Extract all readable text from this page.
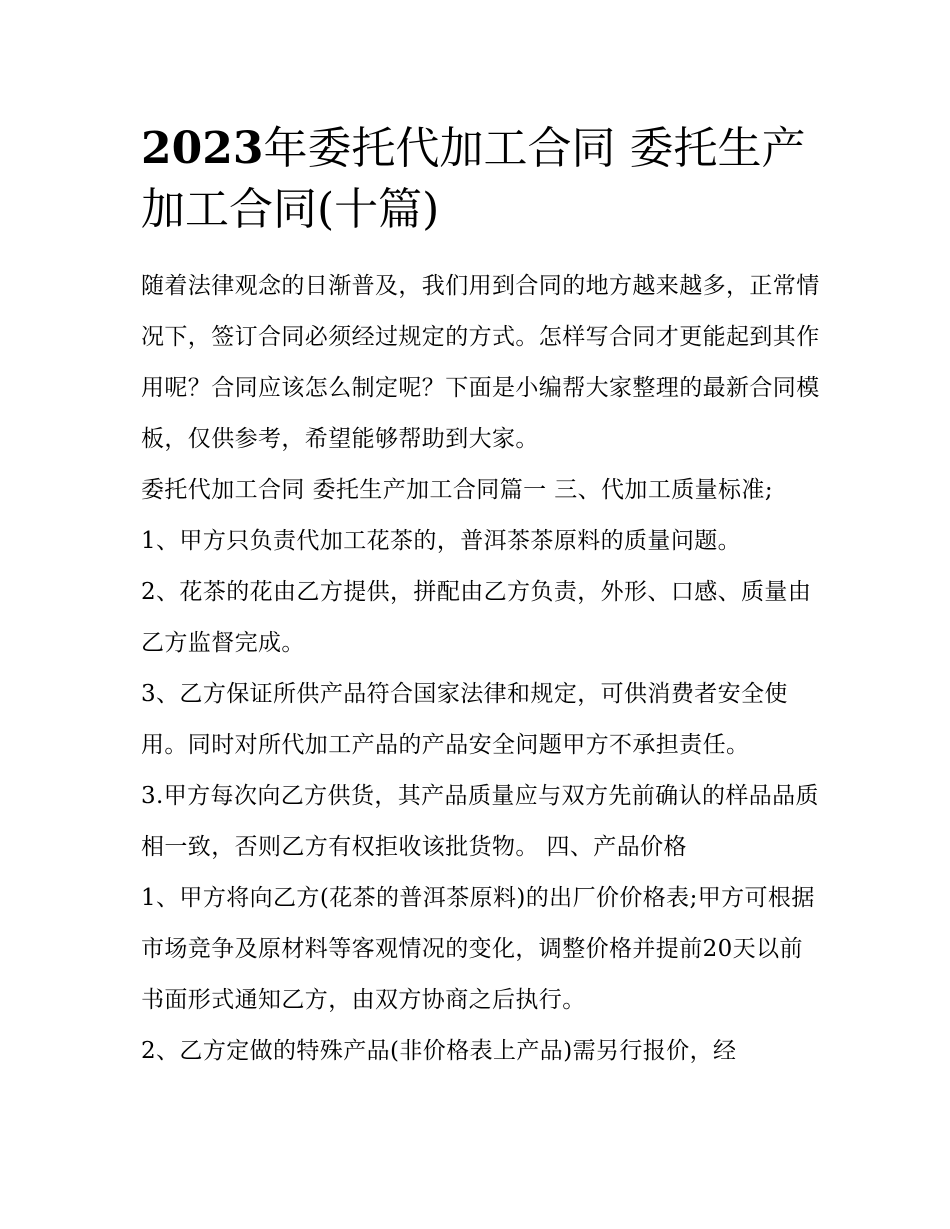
2023年委托代加工合同 委托生产加工合同(十篇)

随着法律观念的日渐普及，我们用到合同的地方越来越多，正常情况下，签订合同必须经过规定的方式。怎样写合同才更能起到其作用呢？合同应该怎么制定呢？下面是小编帮大家整理的最新合同模板，仅供参考，希望能够帮助到大家。

委托代加工合同 委托生产加工合同篇一 三、代加工质量标准;

1、甲方只负责代加工花茶的，普洱茶茶原料的质量问题。

2、花茶的花由乙方提供，拼配由乙方负责，外形、口感、质量由乙方监督完成。

3、乙方保证所供产品符合国家法律和规定，可供消费者安全使用。同时对所代加工产品的产品安全问题甲方不承担责任。

3.甲方每次向乙方供货，其产品质量应与双方先前确认的样品品质相一致，否则乙方有权拒收该批货物。 四、产品价格

1、甲方将向乙方(花茶的普洱茶原料)的出厂价价格表;甲方可根据市场竞争及原材料等客观情况的变化，调整价格并提前20天以前书面形式通知乙方，由双方协商之后执行。

2、乙方定做的特殊产品(非价格表上产品)需另行报价，经
